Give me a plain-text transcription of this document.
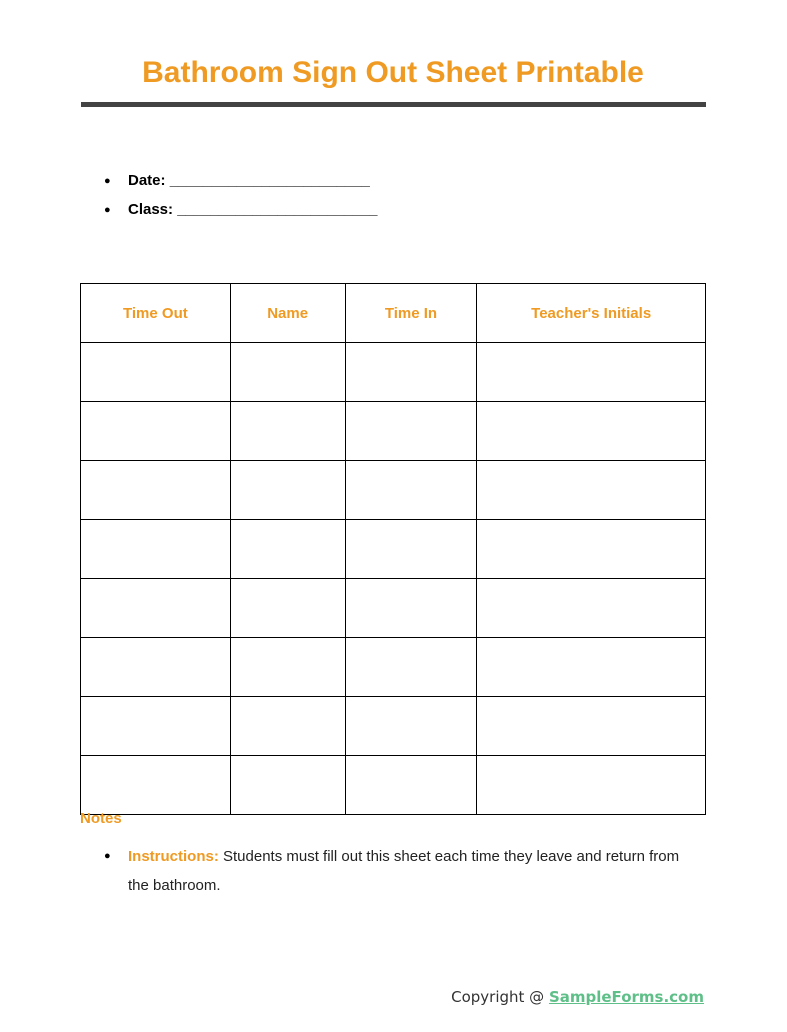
Bathroom Sign Out Sheet Printable
● Date: ________________________
● Class: ________________________
Time Out	Name	Time In	Teacher's Initials

Notes
● Instructions: Students must fill out this sheet each time they leave and return from the bathroom.
Copyright @ SampleForms.com
